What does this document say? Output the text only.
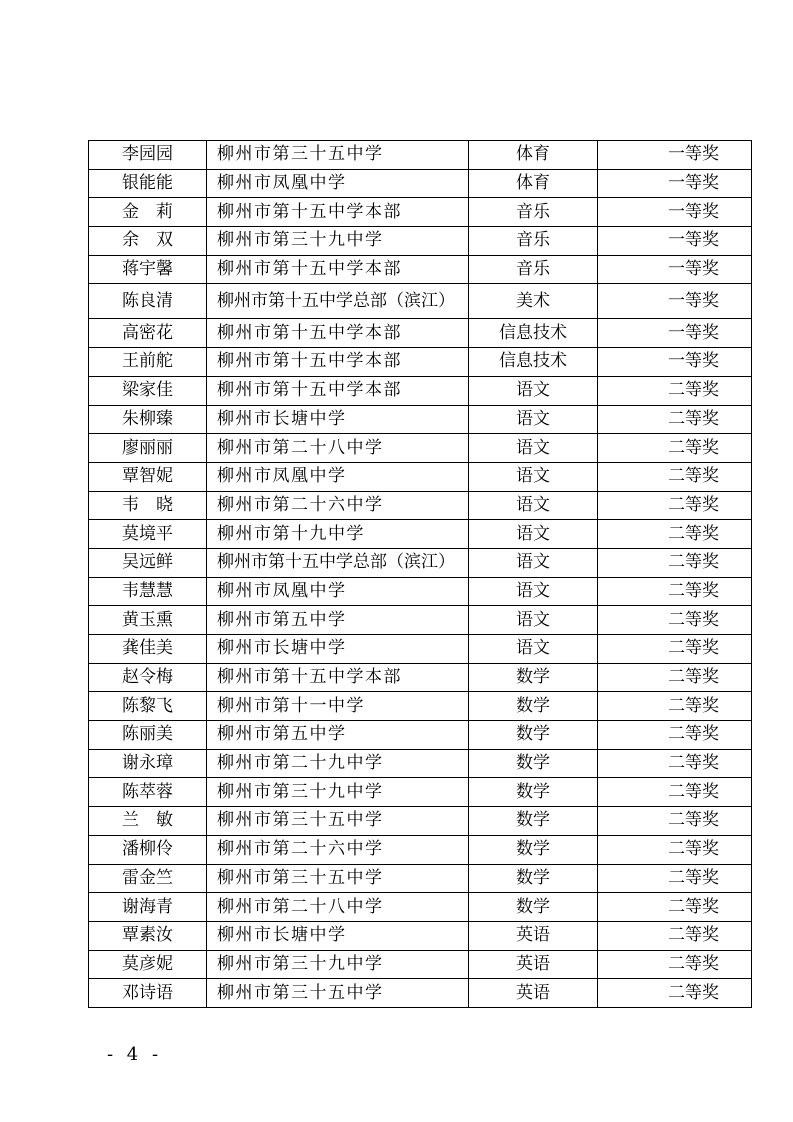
李园园	柳州市第三十五中学	体育	一等奖
银能能	柳州市凤凰中学	体育	一等奖
金　莉	柳州市第十五中学本部	音乐	一等奖
余　双	柳州市第三十九中学	音乐	一等奖
蒋宇馨	柳州市第十五中学本部	音乐	一等奖
陈良清	柳州市第十五中学总部（滨江）	美术	一等奖
高密花	柳州市第十五中学本部	信息技术	一等奖
王前舵	柳州市第十五中学本部	信息技术	一等奖
梁家佳	柳州市第十五中学本部	语文	二等奖
朱柳臻	柳州市长塘中学	语文	二等奖
廖丽丽	柳州市第二十八中学	语文	二等奖
覃智妮	柳州市凤凰中学	语文	二等奖
韦　晓	柳州市第二十六中学	语文	二等奖
莫境平	柳州市第十九中学	语文	二等奖
吴远鲜	柳州市第十五中学总部（滨江）	语文	二等奖
韦慧慧	柳州市凤凰中学	语文	二等奖
黄玉熏	柳州市第五中学	语文	二等奖
龚佳美	柳州市长塘中学	语文	二等奖
赵令梅	柳州市第十五中学本部	数学	二等奖
陈黎飞	柳州市第十一中学	数学	二等奖
陈丽美	柳州市第五中学	数学	二等奖
谢永璋	柳州市第二十九中学	数学	二等奖
陈萃蓉	柳州市第三十九中学	数学	二等奖
兰　敏	柳州市第三十五中学	数学	二等奖
潘柳伶	柳州市第二十六中学	数学	二等奖
雷金竺	柳州市第三十五中学	数学	二等奖
谢海青	柳州市第二十八中学	数学	二等奖
覃素汝	柳州市长塘中学	英语	二等奖
莫彦妮	柳州市第三十九中学	英语	二等奖
邓诗语	柳州市第三十五中学	英语	二等奖
- 4 -
